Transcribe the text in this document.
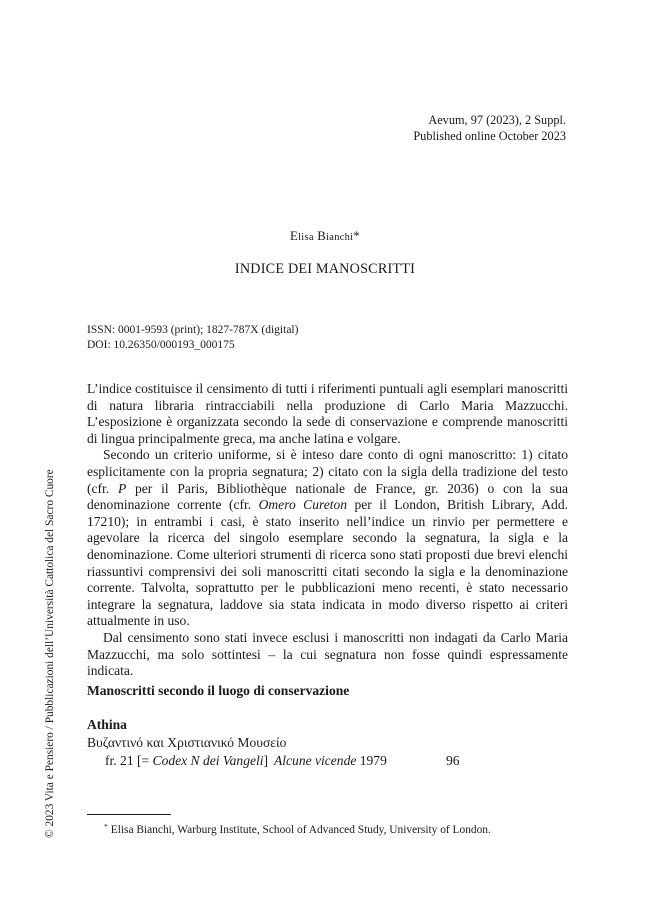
Aevum, 97 (2023), 2 Suppl.
Published online October 2023
Elisa Bianchi*
INDICE DEI MANOSCRITTI
ISSN: 0001-9593 (print); 1827-787X (digital)
DOI: 10.26350/000193_000175

L’indice costituisce il censimento di tutti i riferimenti puntuali agli esemplari manoscritti di natura libraria rintracciabili nella produzione di Carlo Maria Mazzucchi. L’esposizione è organizzata secondo la sede di conservazione e comprende manoscritti di lingua principalmente greca, ma anche latina e volgare.

Secondo un criterio uniforme, si è inteso dare conto di ogni manoscritto: 1) citato esplicitamente con la propria segnatura; 2) citato con la sigla della tradizione del testo (cfr. P per il Paris, Bibliothèque nationale de France, gr. 2036) o con la sua denominazione corrente (cfr. Omero Cureton per il London, British Library, Add. 17210); in entrambi i casi, è stato inserito nell’indice un rinvio per permettere e agevolare la ricerca del singolo esemplare secondo la segnatura, la sigla e la denominazione. Come ulteriori strumenti di ricerca sono stati proposti due brevi elenchi riassuntivi comprensivi dei soli manoscritti citati secondo la sigla e la denominazione corrente. Talvolta, soprattutto per le pubblicazioni meno recenti, è stato necessario integrare la segnatura, laddove sia stata indicata in modo diverso rispetto ai criteri attualmente in uso.

Dal censimento sono stati invece esclusi i manoscritti non indagati da Carlo Maria Mazzucchi, ma solo sottintesi – la cui segnatura non fosse quindi espressamente indicata.

Manoscritti secondo il luogo di conservazione
Athina
Βυζαντινό και Χριστιανικό Μουσείο
fr. 21 [= Codex N dei Vangeli] Alcune vicende 1979	96
* Elisa Bianchi, Warburg Institute, School of Advanced Study, University of London.
© 2023 Vita e Pensiero / Pubblicazioni dell’Università Cattolica del Sacro Cuore
